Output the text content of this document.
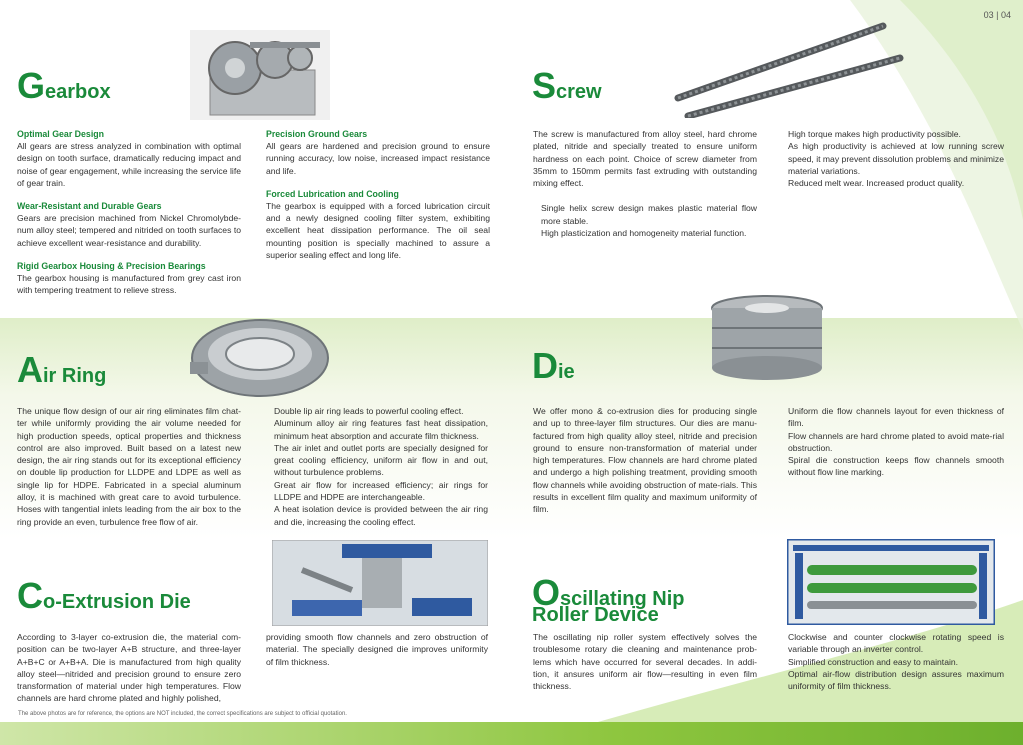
03 | 04
Gearbox
Optimal Gear Design

All gears are stress analyzed in combination with optimal design on tooth surface, dramatically reducing impact and noise of gear engagement, while increasing the service life of gear train.

Wear-Resistant and Durable Gears

Gears are precision machined from Nickel Chromolybde-num alloy steel; tempered and nitrided on tooth surfaces to achieve excellent wear-resistance and durability.

Rigid Gearbox Housing & Precision Bearings

The gearbox housing is manufactured from grey cast iron with tempering treatment to relieve stress.

Precision Ground Gears

All gears are hardened and precision ground to ensure running accuracy, low noise, increased impact resistance and life.

Forced Lubrication and Cooling

The gearbox is equipped with a forced lubrication circuit and a newly designed cooling filter system, exhibiting excellent heat dissipation performance. The oil seal mounting position is specially machined to assure a superior sealing effect and long life.

Screw

The screw is manufactured from alloy steel, hard chrome plated, nitride and specially treated to ensure uniform hardness on each point. Choice of screw diameter from 35mm to 150mm permits fast extruding with outstanding mixing effect.

Single helix screw design makes plastic material flow more stable.

High plasticization and homogeneity material function.

High torque makes high productivity possible.

As high productivity is achieved at low running screw speed, it may prevent dissolution problems and minimize material variations.

Reduced melt wear. Increased product quality.

Air Ring

The unique flow design of our air ring eliminates film chat-ter while uniformly providing the air volume needed for high production speeds, optical properties and thickness control are also improved. Built based on a latest new design, the air ring stands out for its exceptional efficiency on double lip production for LLDPE and LDPE as well as single lip for HDPE. Fabricated in a special aluminum alloy, it is machined with great care to avoid turbulence. Hoses with tangential inlets leading from the air box to the ring provide an even, turbulence free flow of air.

Double lip air ring leads to powerful cooling effect.

Aluminum alloy air ring features fast heat dissipation, minimum heat absorption and accurate film thickness.

The air inlet and outlet ports are specially designed for great cooling efficiency, uniform air flow in and out, without turbulence problems.

Great air flow for increased efficiency; air rings for LLDPE and HDPE are interchangeable.

A heat isolation device is provided between the air ring and die, increasing the cooling effect.

Die

We offer mono & co-extrusion dies for producing single and up to three-layer film structures. Our dies are manu-factured from high quality alloy steel, nitride and precision ground to ensure non-transformation of material under high temperatures. Flow channels are hard chrome plated and undergo a high polishing treatment, providing smooth flow channels while avoiding obstruction of mate-rials. This results in excellent film quality and maximum uniformity of film.

Uniform die flow channels layout for even thickness of film.

Flow channels are hard chrome plated to avoid mate-rial obstruction.

Spiral die construction keeps flow channels smooth without flow line marking.

Co-Extrusion Die

According to 3-layer co-extrusion die, the material com-position can be two-layer A+B structure, and three-layer A+B+C or A+B+A. Die is manufactured from high quality alloy steel—nitrided and precision ground to ensure zero transformation of material under high temperatures. Flow channels are hard chrome plated and highly polished,

providing smooth flow channels and zero obstruction of material. The specially designed die improves uniformity of film thickness.

Oscillating Nip
Roller Device

The oscillating nip roller system effectively solves the troublesome rotary die cleaning and maintenance prob-lems which have occurred for several decades. In addi-tion, it ansures uniform air flow—resulting in even film thickness.

Clockwise and counter clockwise rotating speed is variable through an inverter control.

Simplified construction and easy to maintain.

Optimal air-flow distribution design assures maximum uniformity of film thickness.

The above photos are for reference, the options are NOT included, the correct specifications are subject to official quotation.
